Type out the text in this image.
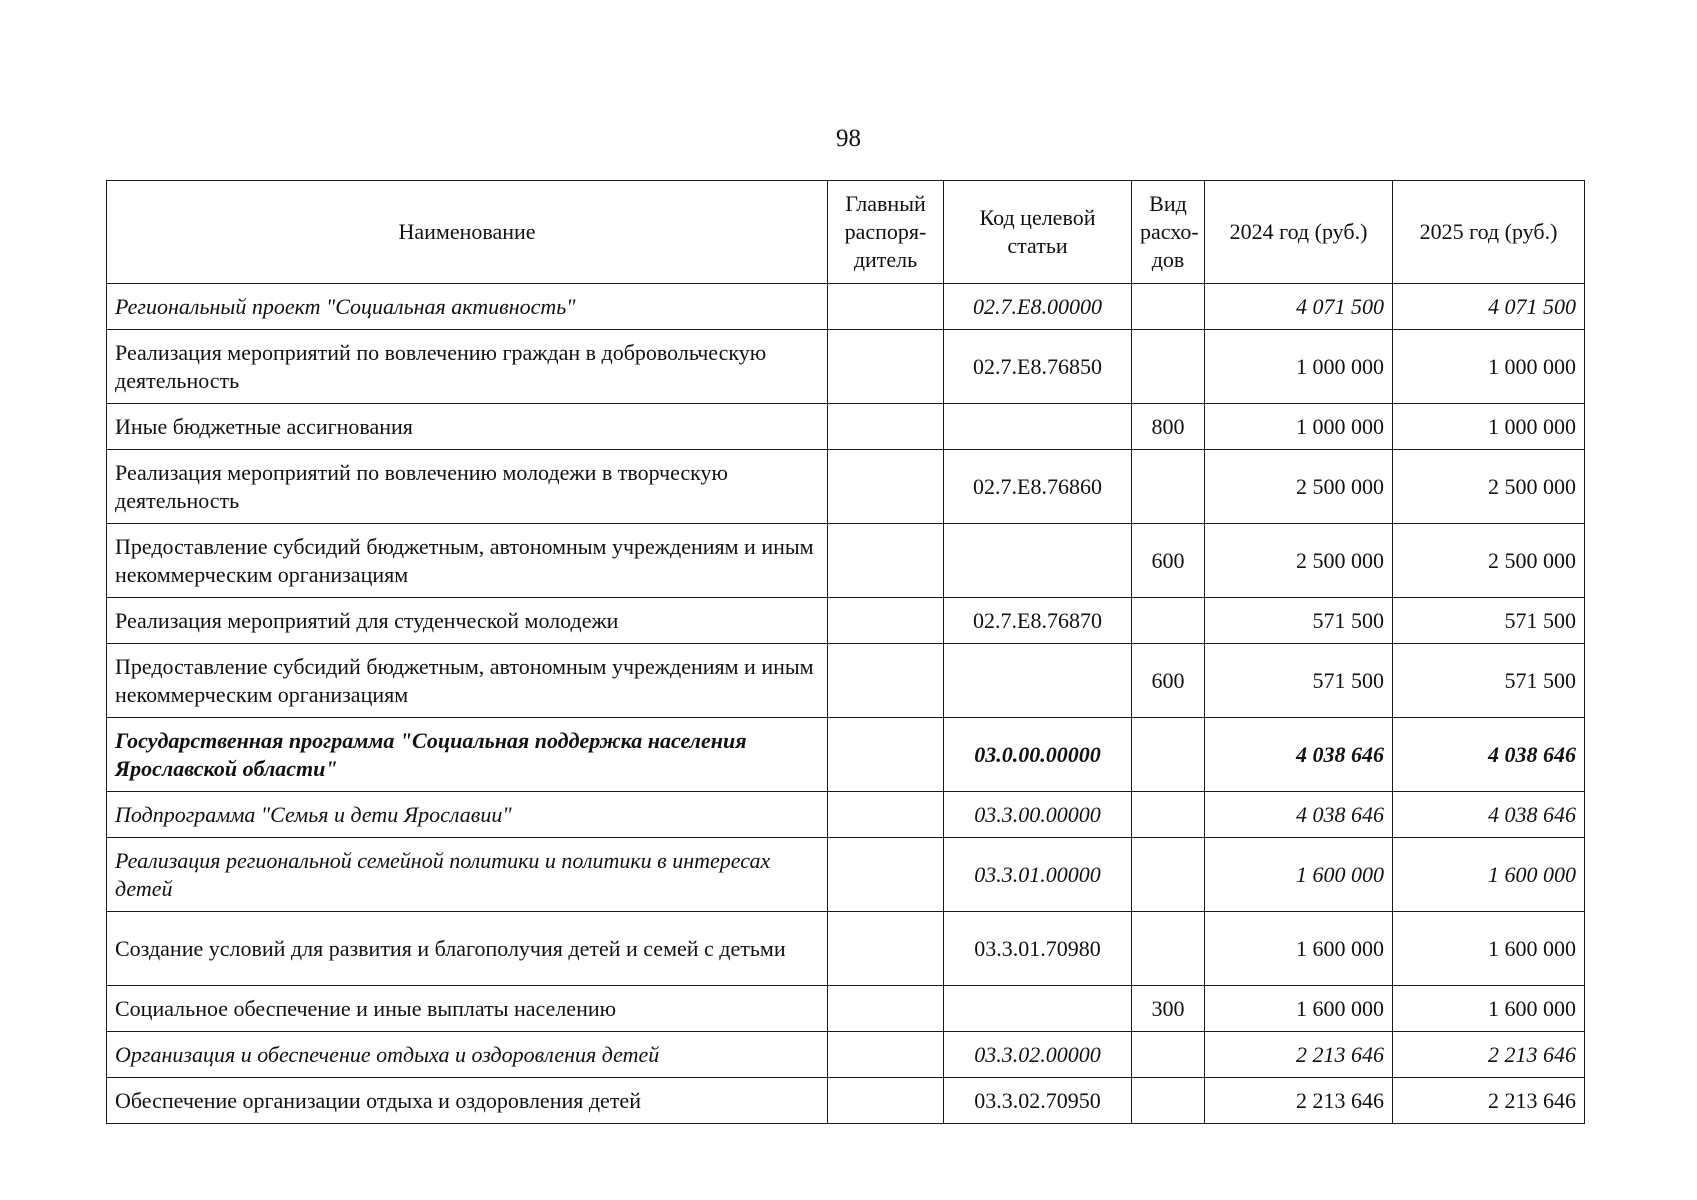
98
Наименование	Главный распоря-дитель	Код целевой статьи	Вид расхо-дов	2024 год (руб.)	2025 год (руб.)
Региональный проект "Социальная активность"		02.7.E8.00000		4 071 500	4 071 500
Реализация мероприятий по вовлечению граждан в добровольческую деятельность		02.7.E8.76850		1 000 000	1 000 000
Иные бюджетные ассигнования			800	1 000 000	1 000 000
Реализация мероприятий по вовлечению молодежи в творческую деятельность		02.7.E8.76860		2 500 000	2 500 000
Предоставление субсидий бюджетным, автономным учреждениям и иным некоммерческим организациям			600	2 500 000	2 500 000
Реализация мероприятий для студенческой молодежи		02.7.E8.76870		571 500	571 500
Предоставление субсидий бюджетным, автономным учреждениям и иным некоммерческим организациям			600	571 500	571 500
Государственная программа "Социальная поддержка населения Ярославской области"		03.0.00.00000		4 038 646	4 038 646
Подпрограмма "Семья и дети Ярославии"		03.3.00.00000		4 038 646	4 038 646
Реализация региональной семейной политики и политики в интересах детей		03.3.01.00000		1 600 000	1 600 000
Создание условий для развития и благополучия детей и семей с детьми		03.3.01.70980		1 600 000	1 600 000
Социальное обеспечение и иные выплаты населению			300	1 600 000	1 600 000
Организация и обеспечение отдыха и оздоровления детей		03.3.02.00000		2 213 646	2 213 646
Обеспечение организации отдыха и оздоровления детей		03.3.02.70950		2 213 646	2 213 646
